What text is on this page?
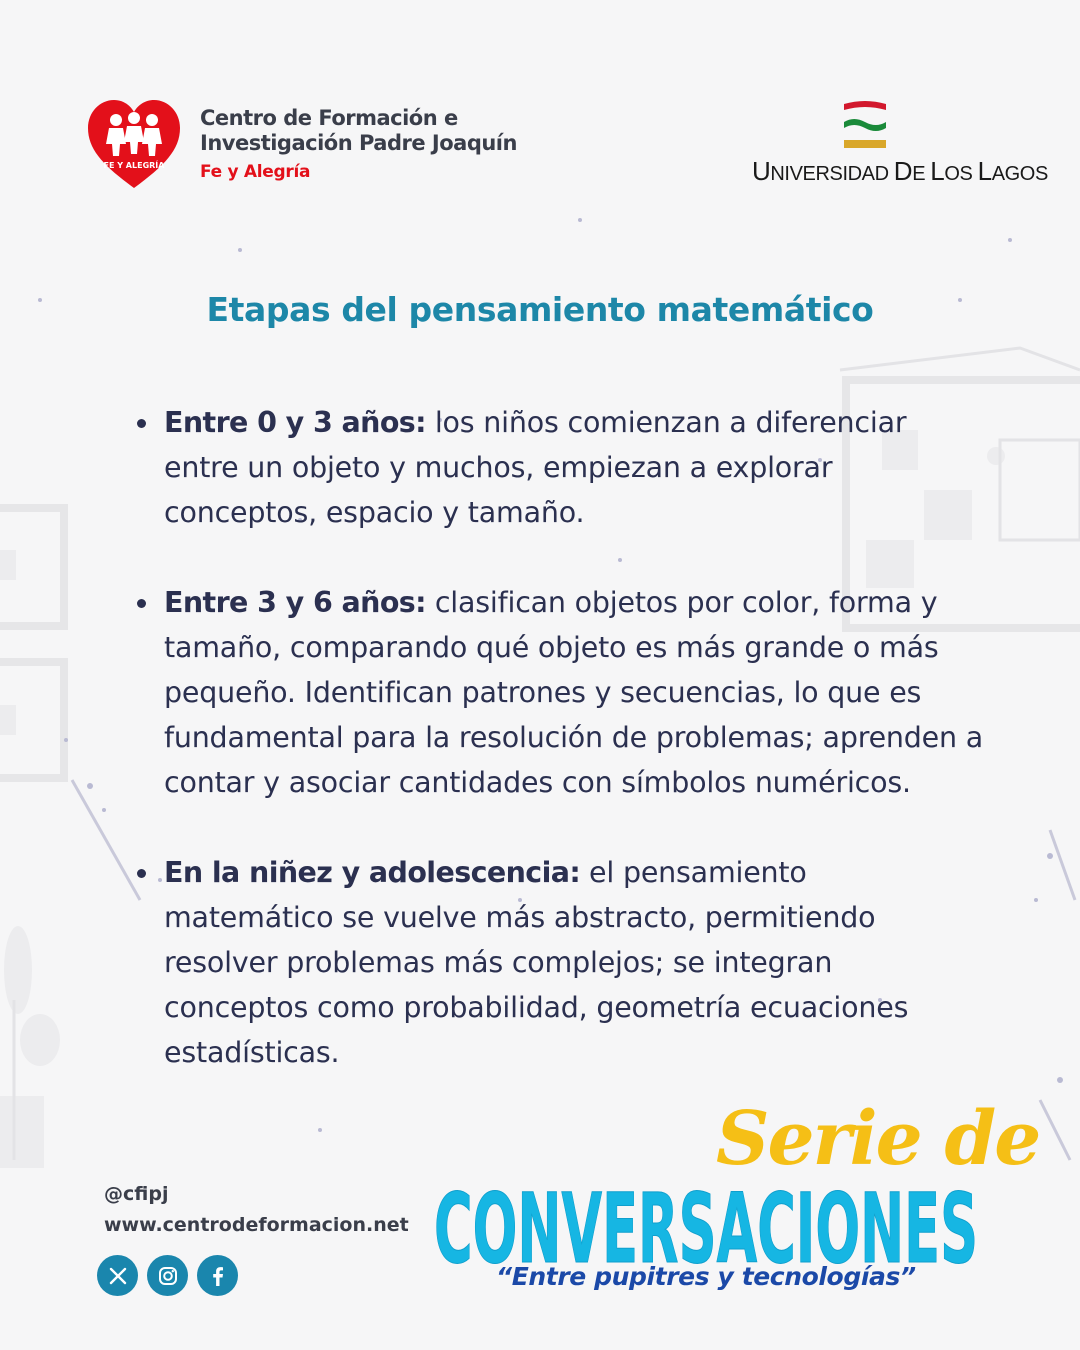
FE Y ALEGRÍA
Centro de Formación e
Investigación Padre Joaquín
Fe y Alegría	UNIVERSIDAD DE LOS LAGOS
Etapas del pensamiento matemático
Entre 0 y 3 años: los niños comienzan a diferenciar entre un objeto y muchos, empiezan a explorar conceptos, espacio y tamaño.
Entre 3 y 6 años: clasifican objetos por color, forma y tamaño, comparando qué objeto es más grande o más pequeño. Identifican patrones y secuencias, lo que es fundamental para la resolución de problemas; aprenden a contar y asociar cantidades con símbolos numéricos.
En la niñez y adolescencia: el pensamiento matemático se vuelve más abstracto, permitiendo resolver problemas más complejos; se integran conceptos como probabilidad, geometría ecuaciones estadísticas.
@cfipj
www.centrodeformacion.net
Serie de
CONVERSACIONES
“Entre pupitres y tecnologías”
